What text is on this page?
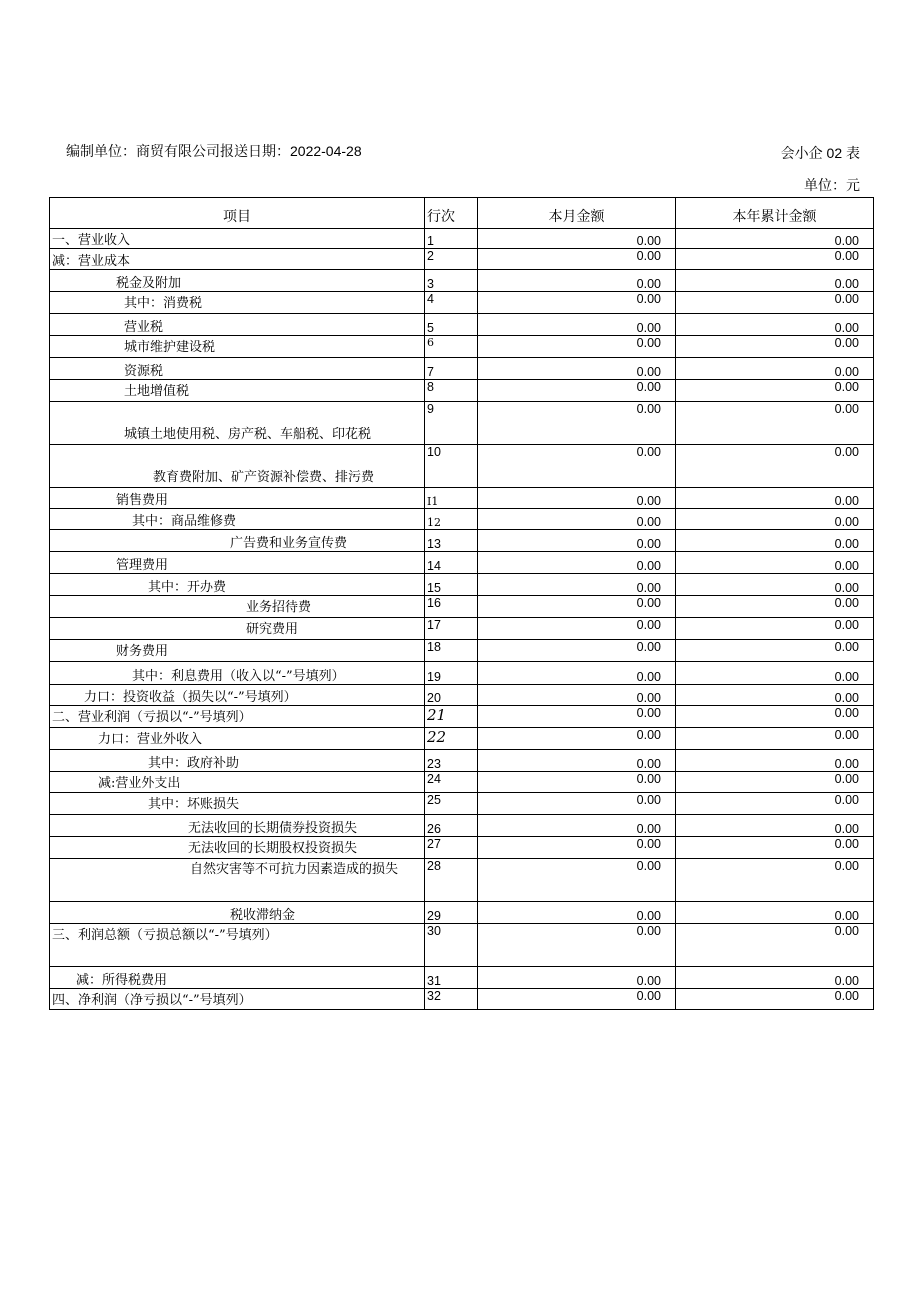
编制单位：商贸有限公司报送日期：2022-04-28	会小企 02 表
单位：元
项目	行次	本月金额	本年累计金额
一、营业收入	1	0.00	0.00
减：营业成本	2	0.00	0.00
税金及附加	3	0.00	0.00
其中：消费税	4	0.00	0.00
营业税	5	0.00	0.00
城市维护建设税	6	0.00	0.00
资源税	7	0.00	0.00
土地增值税	8	0.00	0.00
城镇土地使用税、房产税、车船税、印花税	9	0.00	0.00
教育费附加、矿产资源补偿费、排污费	10	0.00	0.00
销售费用	I1	0.00	0.00
其中：商品维修费	12	0.00	0.00
广告费和业务宣传费	13	0.00	0.00
管理费用	14	0.00	0.00
其中：开办费	15	0.00	0.00
业务招待费	16	0.00	0.00
研究费用	17	0.00	0.00
财务费用	18	0.00	0.00
其中：利息费用（收入以“-”号填列）	19	0.00	0.00
力口：投资收益（损失以“-”号填列）	20	0.00	0.00
二、营业利润（亏损以“-”号填列）	21	0.00	0.00
力口：营业外收入	22	0.00	0.00
其中：政府补助	23	0.00	0.00
减:营业外支出	24	0.00	0.00
其中：坏账损失	25	0.00	0.00
无法收回的长期债券投资损失	26	0.00	0.00
无法收回的长期股权投资损失	27	0.00	0.00
自然灾害等不可抗力因素造成的损失	28	0.00	0.00
税收滞纳金	29	0.00	0.00
三、利润总额（亏损总额以“-”号填列）	30	0.00	0.00
减：所得税费用	31	0.00	0.00
四、净利润（净亏损以“-”号填列）	32	0.00	0.00
